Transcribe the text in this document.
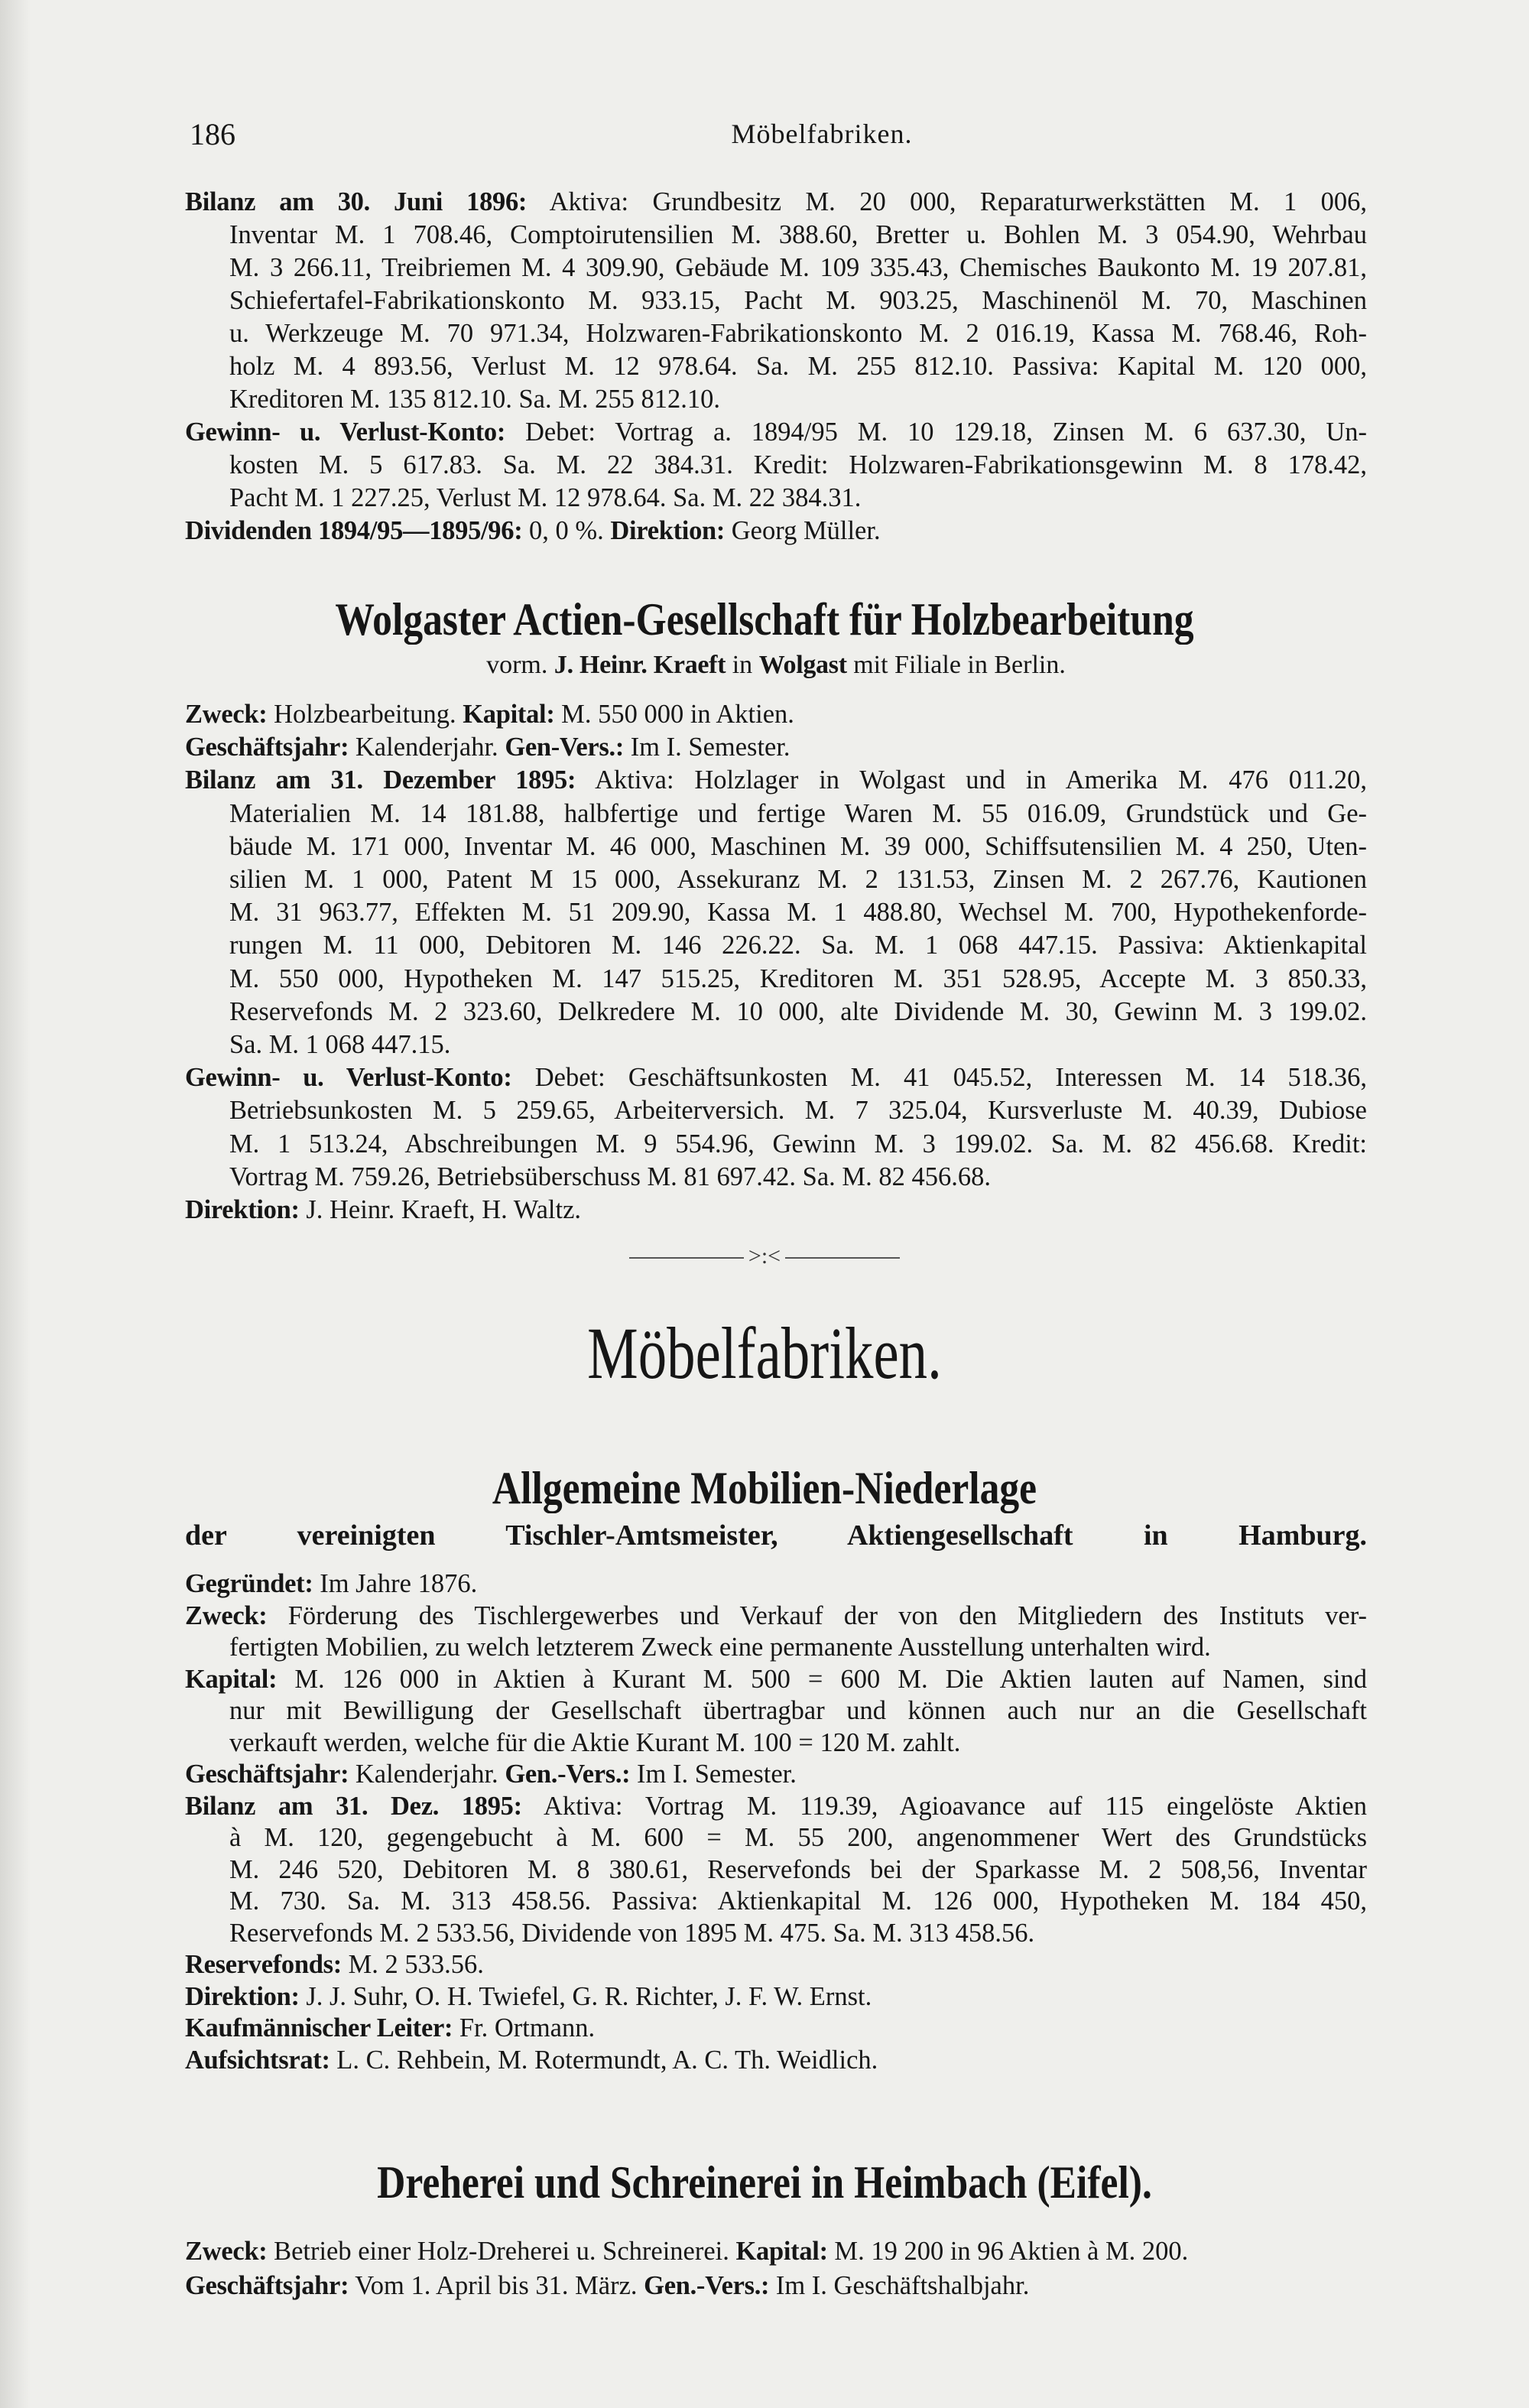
186	Möbelfabriken.
Bilanz am 30. Juni 1896: Aktiva: Grundbesitz M. 20 000, Reparaturwerkstätten M. 1 006,
Inventar M. 1 708.46, Comptoirutensilien M. 388.60, Bretter u. Bohlen M. 3 054.90, Wehrbau
M. 3 266.11, Treibriemen M. 4 309.90, Gebäude M. 109 335.43, Chemisches Baukonto M. 19 207.81,
Schiefertafel-Fabrikationskonto M. 933.15, Pacht M. 903.25, Maschinenöl M. 70, Maschinen
u. Werkzeuge M. 70 971.34, Holzwaren-Fabrikationskonto M. 2 016.19, Kassa M. 768.46, Roh-
holz M. 4 893.56, Verlust M. 12 978.64. Sa. M. 255 812.10. Passiva: Kapital M. 120 000,
Kreditoren M. 135 812.10. Sa. M. 255 812.10.
Gewinn- u. Verlust-Konto: Debet: Vortrag a. 1894/95 M. 10 129.18, Zinsen M. 6 637.30, Un-
kosten M. 5 617.83. Sa. M. 22 384.31. Kredit: Holzwaren-Fabrikationsgewinn M. 8 178.42,
Pacht M. 1 227.25, Verlust M. 12 978.64. Sa. M. 22 384.31.
Dividenden 1894/95—1895/96: 0, 0 %. Direktion: Georg Müller.
Wolgaster Actien-Gesellschaft für Holzbearbeitung
vorm. J. Heinr. Kraeft in Wolgast mit Filiale in Berlin.
Zweck: Holzbearbeitung. Kapital: M. 550 000 in Aktien.
Geschäftsjahr: Kalenderjahr. Gen-Vers.: Im I. Semester.
Bilanz am 31. Dezember 1895: Aktiva: Holzlager in Wolgast und in Amerika M. 476 011.20,
Materialien M. 14 181.88, halbfertige und fertige Waren M. 55 016.09, Grundstück und Ge-
bäude M. 171 000, Inventar M. 46 000, Maschinen M. 39 000, Schiffsutensilien M. 4 250, Uten-
silien M. 1 000, Patent M 15 000, Assekuranz M. 2 131.53, Zinsen M. 2 267.76, Kautionen
M. 31 963.77, Effekten M. 51 209.90, Kassa M. 1 488.80, Wechsel M. 700, Hypothekenforde-
rungen M. 11 000, Debitoren M. 146 226.22. Sa. M. 1 068 447.15. Passiva: Aktienkapital
M. 550 000, Hypotheken M. 147 515.25, Kreditoren M. 351 528.95, Accepte M. 3 850.33,
Reservefonds M. 2 323.60, Delkredere M. 10 000, alte Dividende M. 30, Gewinn M. 3 199.02.
Sa. M. 1 068 447.15.
Gewinn- u. Verlust-Konto: Debet: Geschäftsunkosten M. 41 045.52, Interessen M. 14 518.36,
Betriebsunkosten M. 5 259.65, Arbeiterversich. M. 7 325.04, Kursverluste M. 40.39, Dubiose
M. 1 513.24, Abschreibungen M. 9 554.96, Gewinn M. 3 199.02. Sa. M. 82 456.68. Kredit:
Vortrag M. 759.26, Betriebsüberschuss M. 81 697.42. Sa. M. 82 456.68.
Direktion: J. Heinr. Kraeft, H. Waltz.
>:<
Möbelfabriken.
Allgemeine Mobilien-Niederlage
der vereinigten Tischler-Amtsmeister, Aktiengesellschaft in Hamburg.
Gegründet: Im Jahre 1876.
Zweck: Förderung des Tischlergewerbes und Verkauf der von den Mitgliedern des Instituts ver-
fertigten Mobilien, zu welch letzterem Zweck eine permanente Ausstellung unterhalten wird.
Kapital: M. 126 000 in Aktien à Kurant M. 500 = 600 M. Die Aktien lauten auf Namen, sind
nur mit Bewilligung der Gesellschaft übertragbar und können auch nur an die Gesellschaft
verkauft werden, welche für die Aktie Kurant M. 100 = 120 M. zahlt.
Geschäftsjahr: Kalenderjahr. Gen.-Vers.: Im I. Semester.
Bilanz am 31. Dez. 1895: Aktiva: Vortrag M. 119.39, Agioavance auf 115 eingelöste Aktien
à M. 120, gegengebucht à M. 600 = M. 55 200, angenommener Wert des Grundstücks
M. 246 520, Debitoren M. 8 380.61, Reservefonds bei der Sparkasse M. 2 508,56, Inventar
M. 730. Sa. M. 313 458.56. Passiva: Aktienkapital M. 126 000, Hypotheken M. 184 450,
Reservefonds M. 2 533.56, Dividende von 1895 M. 475. Sa. M. 313 458.56.
Reservefonds: M. 2 533.56.
Direktion: J. J. Suhr, O. H. Twiefel, G. R. Richter, J. F. W. Ernst.
Kaufmännischer Leiter: Fr. Ortmann.
Aufsichtsrat: L. C. Rehbein, M. Rotermundt, A. C. Th. Weidlich.
Dreherei und Schreinerei in Heimbach (Eifel).
Zweck: Betrieb einer Holz-Dreherei u. Schreinerei. Kapital: M. 19 200 in 96 Aktien à M. 200.
Geschäftsjahr: Vom 1. April bis 31. März. Gen.-Vers.: Im I. Geschäftshalbjahr.
